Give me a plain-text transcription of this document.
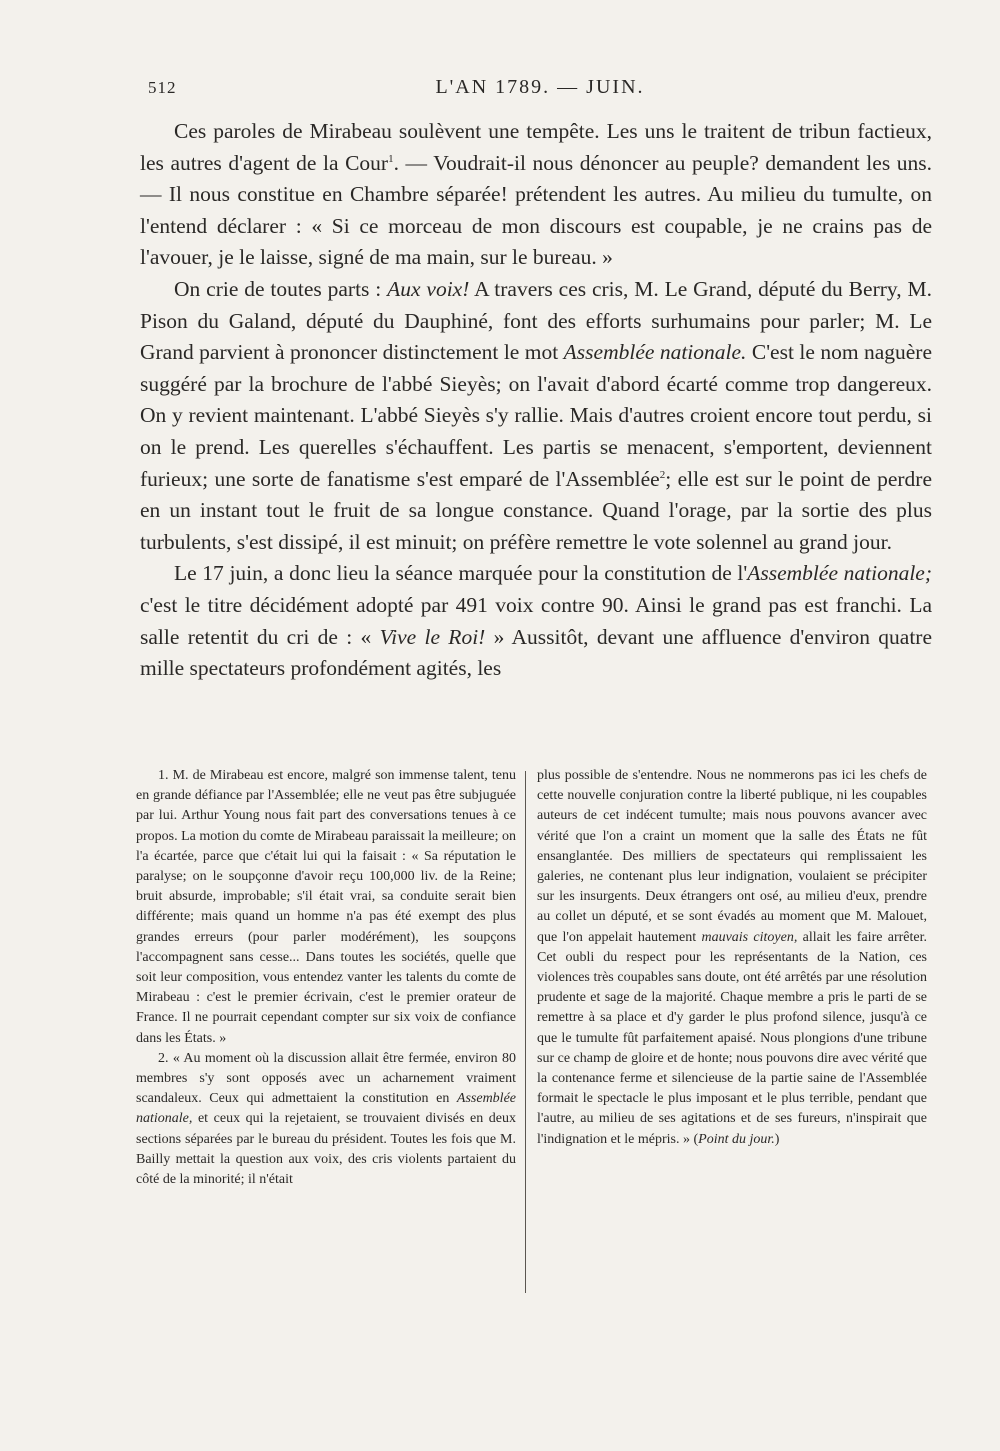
512	L'AN 1789. — JUIN.

Ces paroles de Mirabeau soulèvent une tempête. Les uns le traitent de tribun factieux, les autres d'agent de la Cour$^1$. — Voudrait-il nous dénoncer au peuple? demandent les uns. — Il nous constitue en Chambre séparée! prétendent les autres. Au milieu du tumulte, on l'entend déclarer : « Si ce morceau de mon discours est coupable, je ne crains pas de l'avouer, je le laisse, signé de ma main, sur le bureau. »

On crie de toutes parts : Aux voix! A travers ces cris, M. Le Grand, député du Berry, M. Pison du Galand, député du Dauphiné, font des efforts surhumains pour parler; M. Le Grand parvient à prononcer distinctement le mot Assemblée nationale. C'est le nom naguère suggéré par la brochure de l'abbé Sieyès; on l'avait d'abord écarté comme trop dangereux. On y revient maintenant. L'abbé Sieyès s'y rallie. Mais d'autres croient encore tout perdu, si on le prend. Les querelles s'échauffent. Les partis se menacent, s'emportent, deviennent furieux; une sorte de fanatisme s'est emparé de l'Assemblée$^2$; elle est sur le point de perdre en un instant tout le fruit de sa longue constance. Quand l'orage, par la sortie des plus turbulents, s'est dissipé, il est minuit; on préfère remettre le vote solennel au grand jour.

Le 17 juin, a donc lieu la séance marquée pour la constitution de l'Assemblée nationale; c'est le titre décidément adopté par 491 voix contre 90. Ainsi le grand pas est franchi. La salle retentit du cri de : « Vive le Roi! » Aussitôt, devant une affluence d'environ quatre mille spectateurs profondément agités, les

1. M. de Mirabeau est encore, malgré son immense talent, tenu en grande défiance par l'Assemblée; elle ne veut pas être subjuguée par lui. Arthur Young nous fait part des conversations tenues à ce propos. La motion du comte de Mirabeau paraissait la meilleure; on l'a écartée, parce que c'était lui qui la faisait : « Sa réputation le paralyse; on le soupçonne d'avoir reçu 100,000 liv. de la Reine; bruit absurde, improbable; s'il était vrai, sa conduite serait bien différente; mais quand un homme n'a pas été exempt des plus grandes erreurs (pour parler modérément), les soupçons l'accompagnent sans cesse... Dans toutes les sociétés, quelle que soit leur composition, vous entendez vanter les talents du comte de Mirabeau : c'est le premier écrivain, c'est le premier orateur de France. Il ne pourrait cependant compter sur six voix de confiance dans les États. »

2. « Au moment où la discussion allait être fermée, environ 80 membres s'y sont opposés avec un acharnement vraiment scandaleux. Ceux qui admettaient la constitution en Assemblée nationale, et ceux qui la rejetaient, se trouvaient divisés en deux sections séparées par le bureau du président. Toutes les fois que M. Bailly mettait la question aux voix, des cris violents partaient du côté de la minorité; il n'était

plus possible de s'entendre. Nous ne nommerons pas ici les chefs de cette nouvelle conjuration contre la liberté publique, ni les coupables auteurs de cet indécent tumulte; mais nous pouvons avancer avec vérité que l'on a craint un moment que la salle des États ne fût ensanglantée. Des milliers de spectateurs qui remplissaient les galeries, ne contenant plus leur indignation, voulaient se précipiter sur les insurgents. Deux étrangers ont osé, au milieu d'eux, prendre au collet un député, et se sont évadés au moment que M. Malouet, que l'on appelait hautement mauvais citoyen, allait les faire arrêter. Cet oubli du respect pour les représentants de la Nation, ces violences très coupables sans doute, ont été arrêtés par une résolution prudente et sage de la majorité. Chaque membre a pris le parti de se remettre à sa place et d'y garder le plus profond silence, jusqu'à ce que le tumulte fût parfaitement apaisé. Nous plongions d'une tribune sur ce champ de gloire et de honte; nous pouvons dire avec vérité que la contenance ferme et silencieuse de la partie saine de l'Assemblée formait le spectacle le plus imposant et le plus terrible, pendant que l'autre, au milieu de ses agitations et de ses fureurs, n'inspirait que l'indignation et le mépris. » (Point du jour.)
